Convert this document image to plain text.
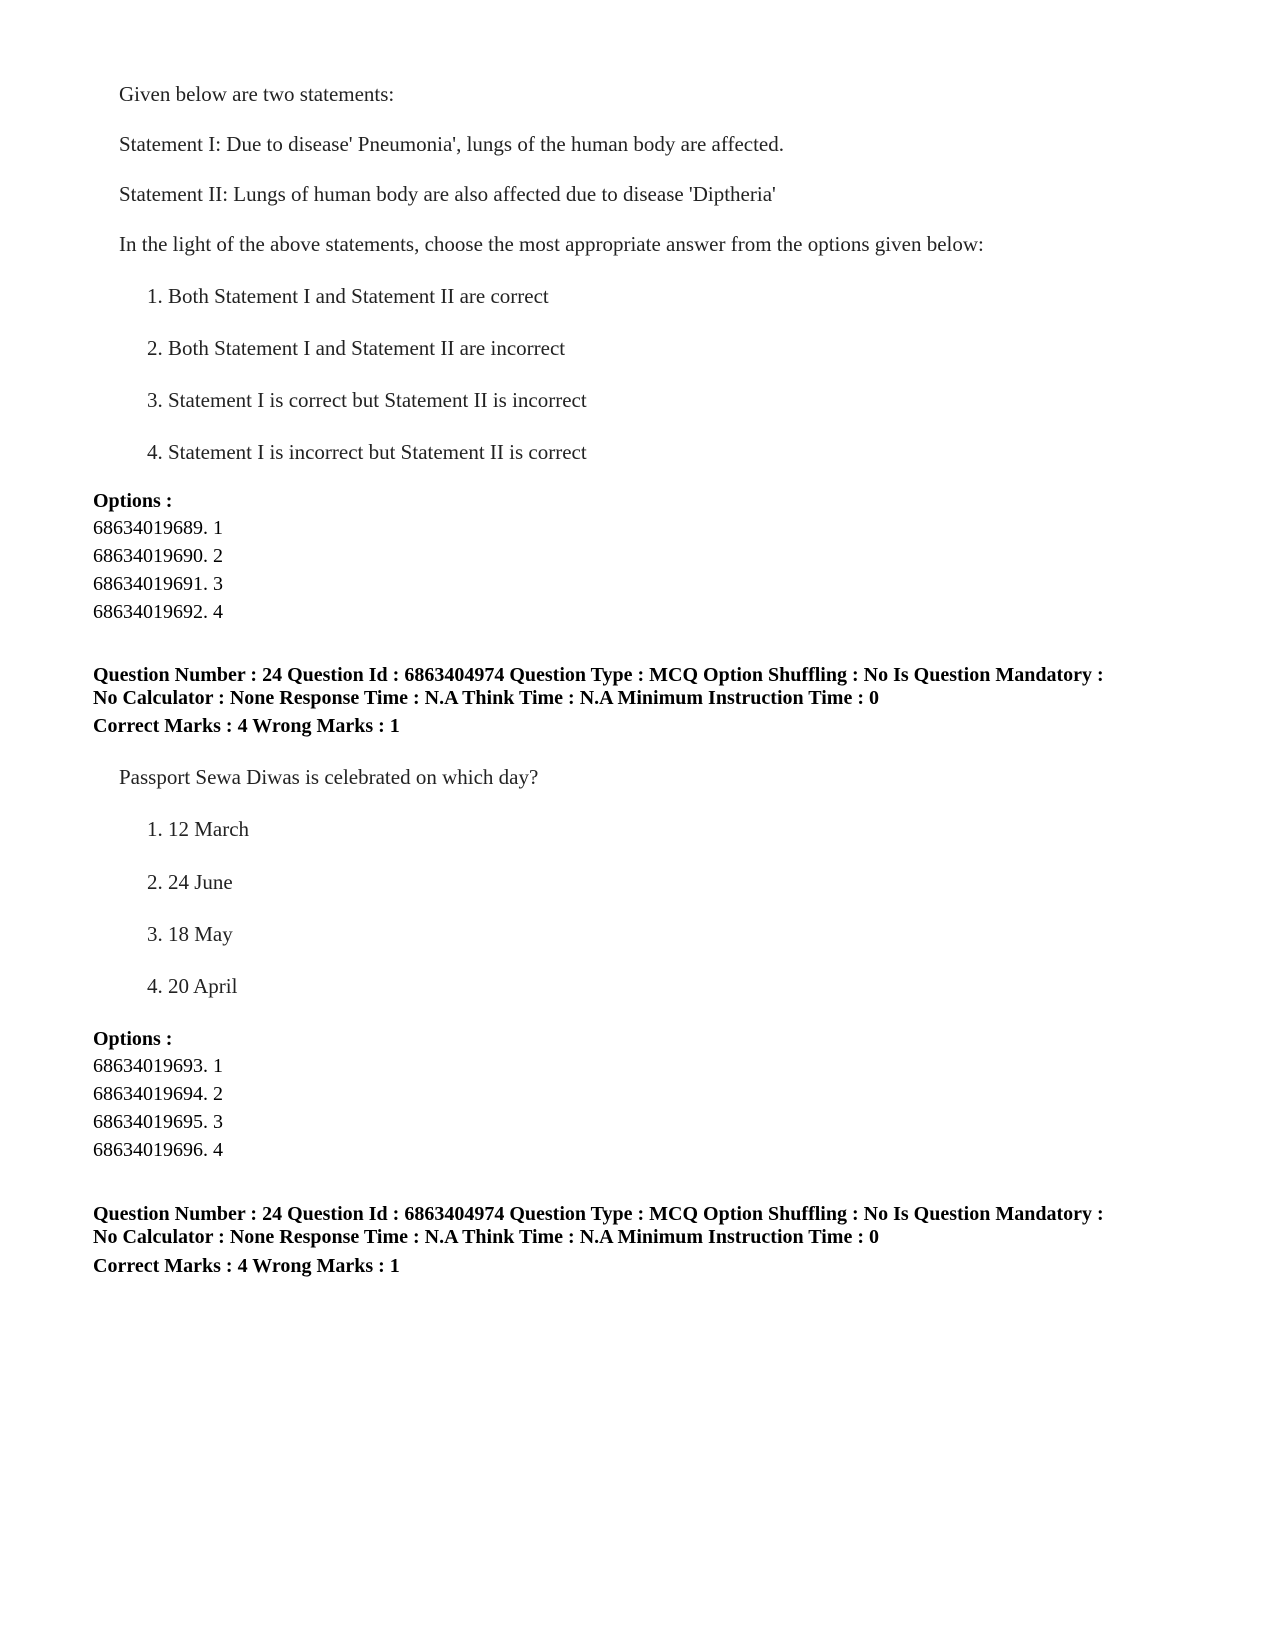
Given below are two statements:
Statement I: Due to disease' Pneumonia', lungs of the human body are affected.
Statement II: Lungs of human body are also affected due to disease 'Diptheria'
In the light of the above statements, choose the most appropriate answer from the options given below:
1. Both Statement I and Statement II are correct
2. Both Statement I and Statement II are incorrect
3. Statement I is correct but Statement II is incorrect
4. Statement I is incorrect but Statement II is correct
Options :
68634019689. 1
68634019690. 2
68634019691. 3
68634019692. 4
Question Number : 24 Question Id : 6863404974 Question Type : MCQ Option Shuffling : No Is Question Mandatory :
No Calculator : None Response Time : N.A Think Time : N.A Minimum Instruction Time : 0
Correct Marks : 4 Wrong Marks : 1
Passport Sewa Diwas is celebrated on which day?
1. 12 March
2. 24 June
3. 18 May
4. 20 April
Options :
68634019693. 1
68634019694. 2
68634019695. 3
68634019696. 4
Question Number : 24 Question Id : 6863404974 Question Type : MCQ Option Shuffling : No Is Question Mandatory :
No Calculator : None Response Time : N.A Think Time : N.A Minimum Instruction Time : 0
Correct Marks : 4 Wrong Marks : 1
